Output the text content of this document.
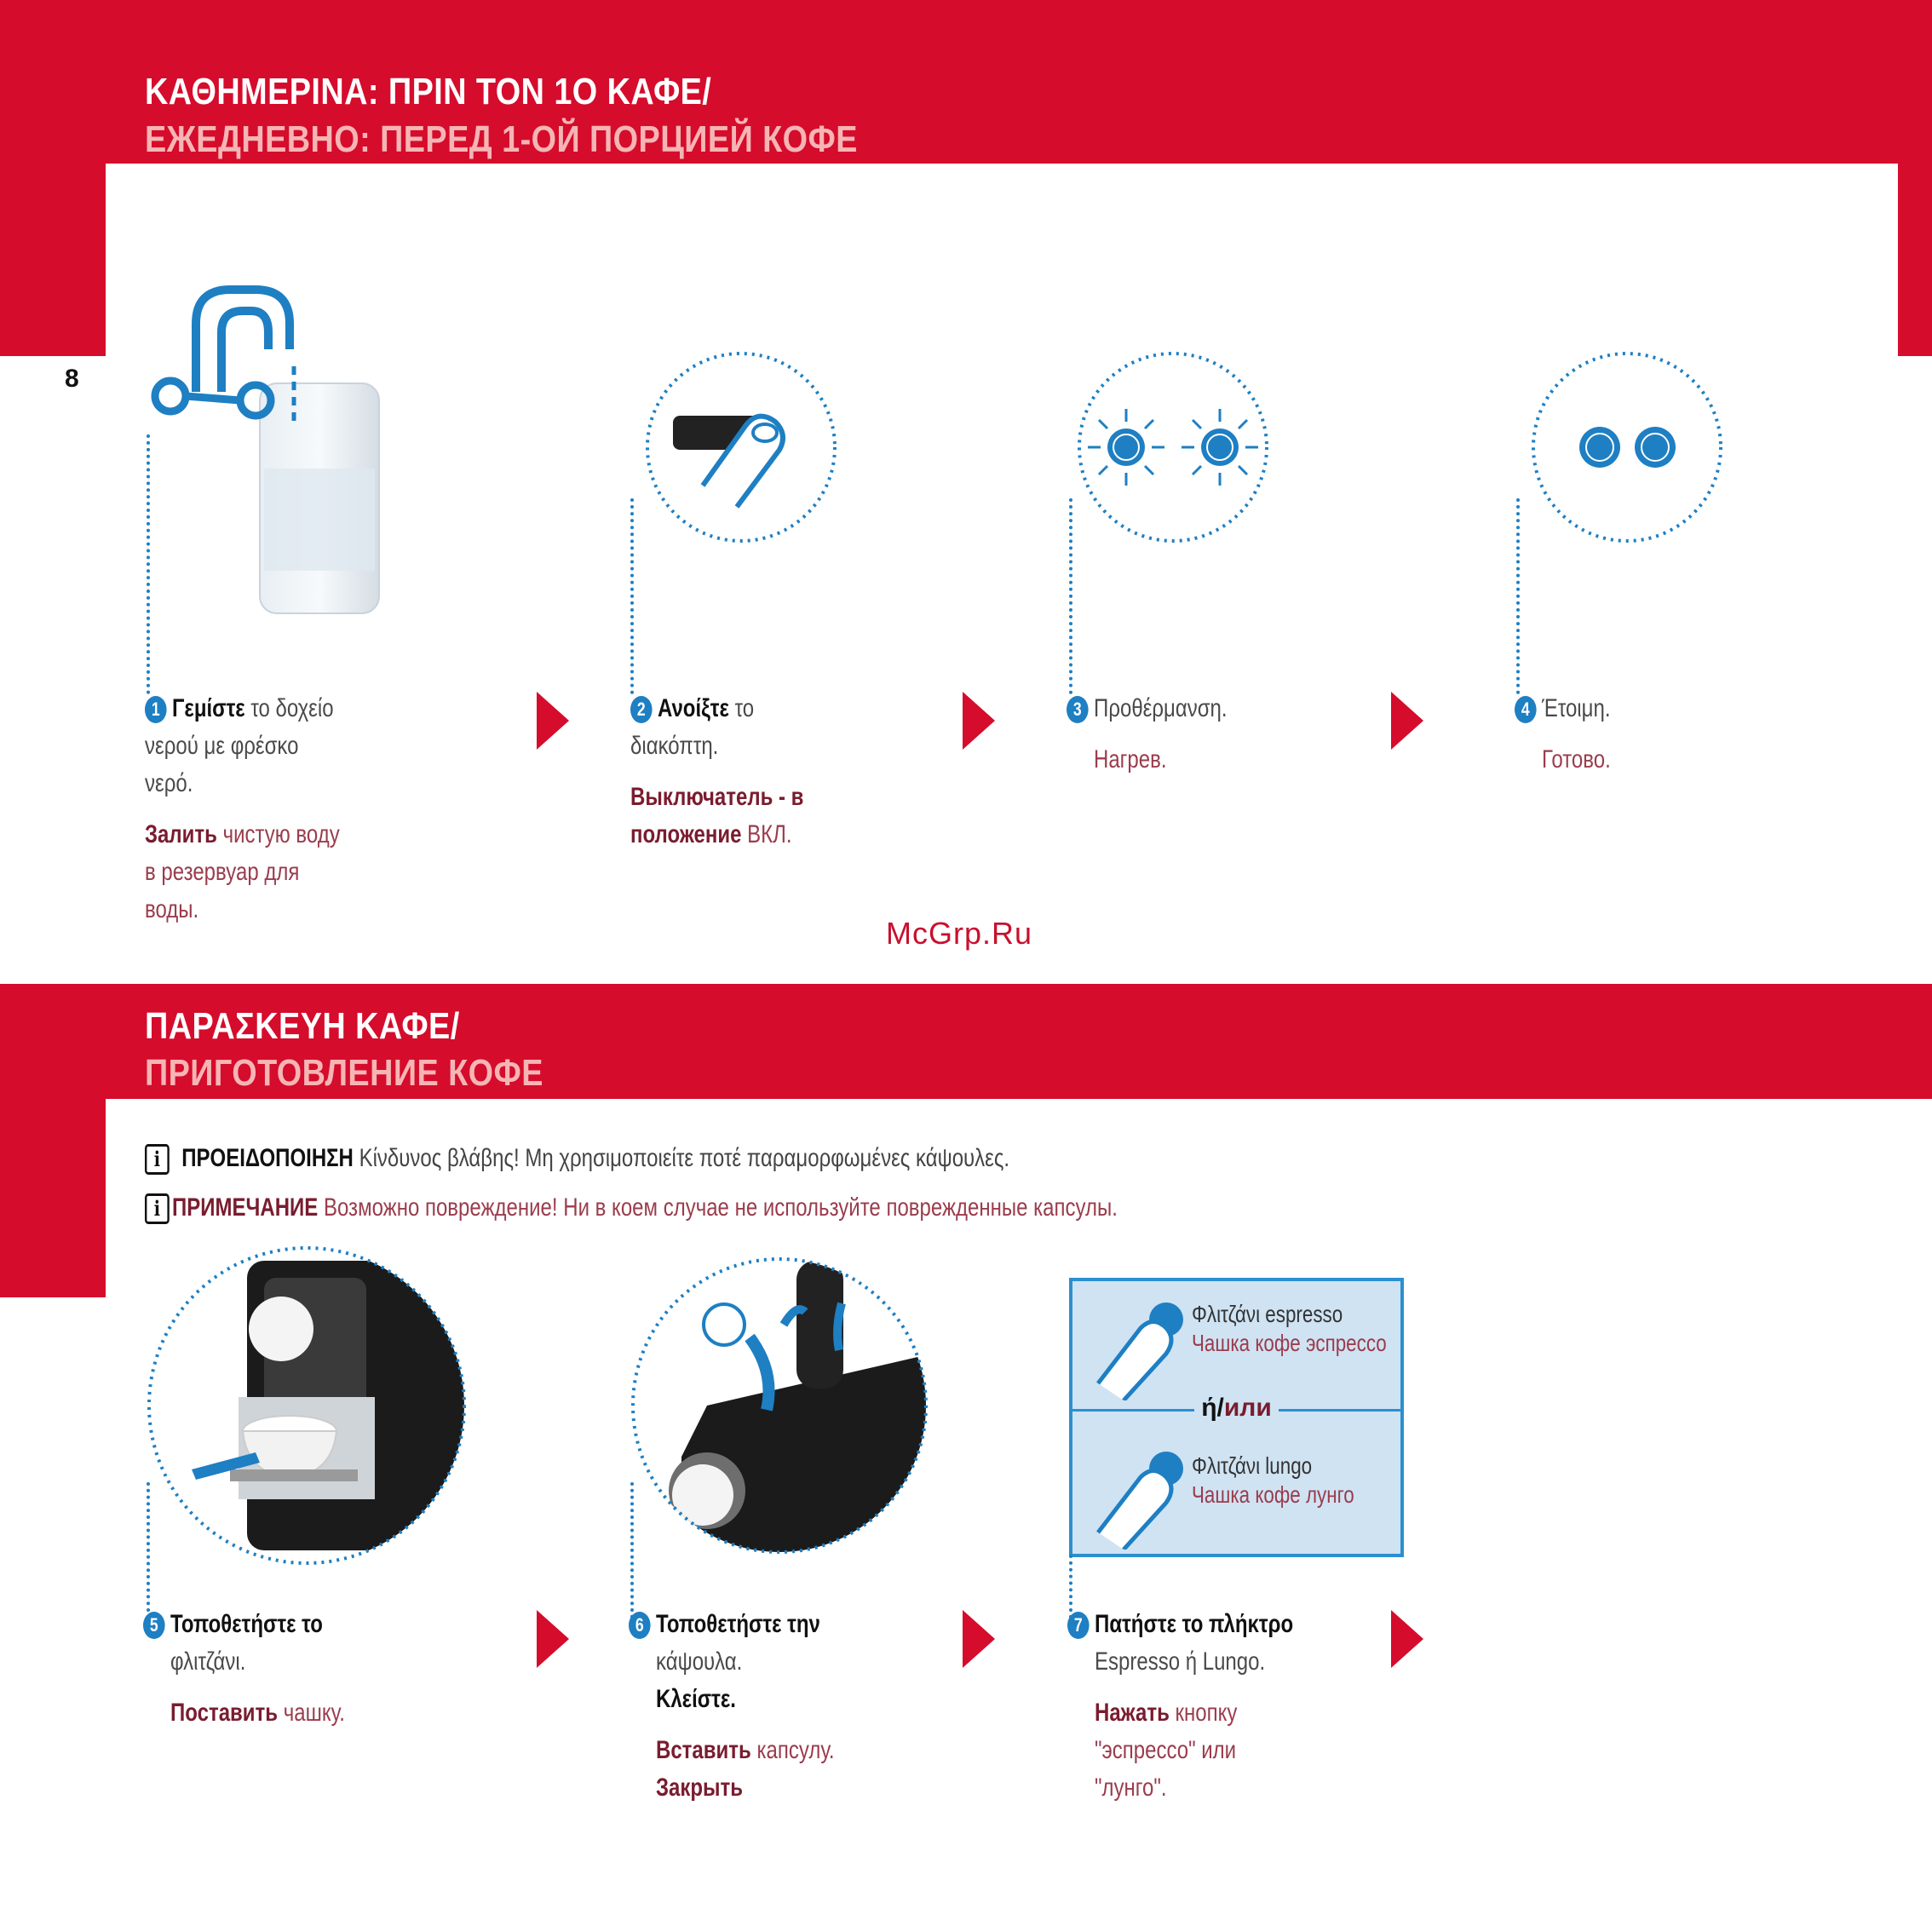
ΚΑΘΗΜΕΡΙΝΑ: ΠΡΙΝ ΤΟΝ 1Ο ΚΑΦΕ/
ЕЖЕДНЕВНО: ПЕРЕД 1-ОЙ ПОРЦИЕЙ КОФЕ
8
1 Γεμίστε το δοχείο νερού με φρέσκο νερό.
Залить чистую воду в резервуар для воды.
2 Ανοίξτε το διακόπτη.
Выключатель - в положение ВКЛ.
3 Προθέρμανση.
Нагрев.
4 Έτοιμη.
Готово.
McGrp.Ru
ΠΑΡΑΣΚΕΥΗ ΚΑΦΕ/
ПРИГОТОВЛЕНИЕ КОФЕ
i ΠΡΟΕΙΔΟΠΟΙΗΣΗ Κίνδυνος βλάβης! Μη χρησιμοποιείτε ποτέ παραμορφωμένες κάψουλες.
i ПРИМЕЧАНИЕ Возможно повреждение! Ни в коем случае не используйте поврежденные капсулы.
Φλιτζάνι espresso
Чашка кофе эспрессо
ή/или
Φλιτζάνι lungo
Чашка кофе лунго
5 Τοποθετήστε το
φλιτζάνι.
Поставить чашку.
6 Τοποθετήστε την
κάψουλα.
Κλείστε.
Вставить капсулу.
Закрыть
7 Πατήστε το πλήκτρο
Espresso ή Lungo.
Нажать кнопку "эспрессо" или "лунго".
